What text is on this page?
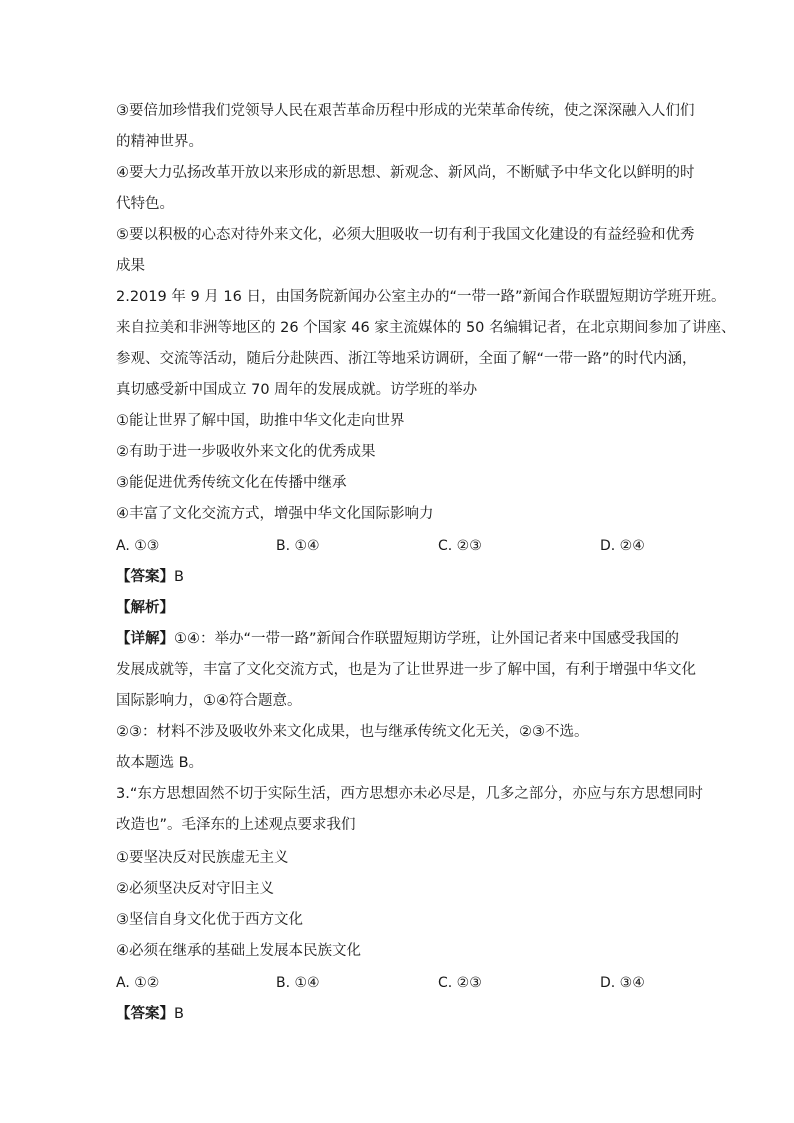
③要倍加珍惜我们党领导人民在艰苦革命历程中形成的光荣革命传统，使之深深融入人们们
的精神世界。
④要大力弘扬改革开放以来形成的新思想、新观念、新风尚，不断赋予中华文化以鲜明的时
代特色。
⑤要以积极的心态对待外来文化，必须大胆吸收一切有利于我国文化建设的有益经验和优秀
成果
2.2019 年 9 月 16 日，由国务院新闻办公室主办的“一带一路”新闻合作联盟短期访学班开班。
来自拉美和非洲等地区的 26 个国家 46 家主流媒体的 50 名编辑记者，在北京期间参加了讲座、
参观、交流等活动，随后分赴陕西、浙江等地采访调研，全面了解“一带一路”的时代内涵，
真切感受新中国成立 70 周年的发展成就。访学班的举办
①能让世界了解中国，助推中华文化走向世界
②有助于进一步吸收外来文化的优秀成果
③能促进优秀传统文化在传播中继承
④丰富了文化交流方式，增强中华文化国际影响力
A. ①③	B. ①④	C. ②③	D. ②④
【答案】B
【解析】
【详解】①④：举办“一带一路”新闻合作联盟短期访学班，让外国记者来中国感受我国的
发展成就等，丰富了文化交流方式，也是为了让世界进一步了解中国，有利于增强中华文化
国际影响力，①④符合题意。
②③：材料不涉及吸收外来文化成果，也与继承传统文化无关，②③不选。
故本题选 B。
3.“东方思想固然不切于实际生活，西方思想亦未必尽是，几多之部分，亦应与东方思想同时
改造也”。毛泽东的上述观点要求我们
①要坚决反对民族虚无主义
②必须坚决反对守旧主义
③坚信自身文化优于西方文化
④必须在继承的基础上发展本民族文化
A. ①②	B. ①④	C. ②③	D. ③④
【答案】B
